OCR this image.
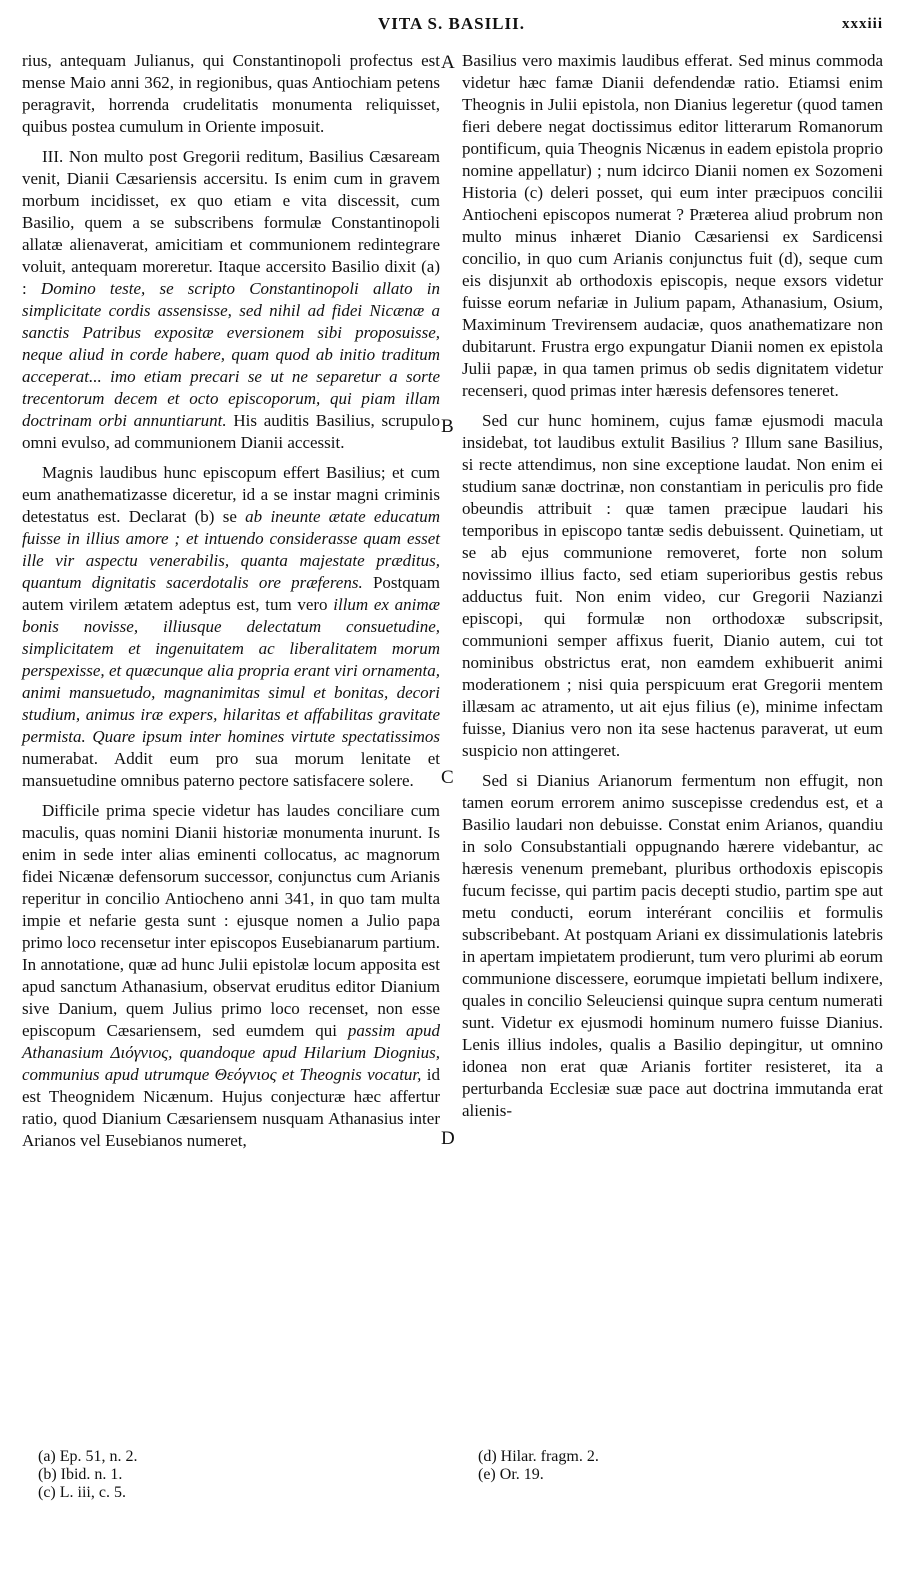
VITA S. BASILII.	xxxiii
A
B
C
D

rius, antequam Julianus, qui Constantinopoli profectus est mense Maio anni 362, in regionibus, quas Antiochiam petens peragravit, horrenda crudelitatis monumenta reliquisset, quibus postea cumulum in Oriente imposuit.

III. Non multo post Gregorii reditum, Basilius Cæsaream venit, Dianii Cæsariensis accersitu. Is enim cum in gravem morbum incidisset, ex quo etiam e vita discessit, cum Basilio, quem a se subscribens formulæ Constantinopoli allatæ alienaverat, amicitiam et communionem redintegrare voluit, antequam moreretur. Itaque accersito Basilio dixit (a) : Domino teste, se scripto Constantinopoli allato in simplicitate cordis assensisse, sed nihil ad fidei Nicænæ a sanctis Patribus expositæ eversionem sibi proposuisse, neque aliud in corde habere, quam quod ab initio traditum acceperat... imo etiam precari se ut ne separetur a sorte trecentorum decem et octo episcoporum, qui piam illam doctrinam orbi annuntiarunt. His auditis Basilius, scrupulo omni evulso, ad communionem Dianii accessit.

Magnis laudibus hunc episcopum effert Basilius; et cum eum anathematizasse diceretur, id a se instar magni criminis detestatus est. Declarat (b) se ab ineunte ætate educatum fuisse in illius amore ; et intuendo considerasse quam esset ille vir aspectu venerabilis, quanta majestate præditus, quantum dignitatis sacerdotalis ore præferens. Postquam autem virilem ætatem adeptus est, tum vero illum ex animæ bonis novisse, illiusque delectatum consuetudine, simplicitatem et ingenuitatem ac liberalitatem morum perspexisse, et quæcunque alia propria erant viri ornamenta, animi mansuetudo, magnanimitas simul et bonitas, decori studium, animus iræ expers, hilaritas et affabilitas gravitate permista. Quare ipsum inter homines virtute spectatissimos numerabat. Addit eum pro sua morum lenitate et mansuetudine omnibus paterno pectore satisfacere solere.

Difficile prima specie videtur has laudes conciliare cum maculis, quas nomini Dianii historiæ monumenta inurunt. Is enim in sede inter alias eminenti collocatus, ac magnorum fidei Nicænæ defensorum successor, conjunctus cum Arianis reperitur in concilio Antiocheno anni 341, in quo tam multa impie et nefarie gesta sunt : ejusque nomen a Julio papa primo loco recensetur inter episcopos Eusebianarum partium. In annotatione, quæ ad hunc Julii epistolæ locum apposita est apud sanctum Athanasium, observat eruditus editor Dianium sive Danium, quem Julius primo loco recenset, non esse episcopum Cæsariensem, sed eumdem qui passim apud Athanasium Διόγνιος, quandoque apud Hilarium Diognius, communius apud utrumque Θεόγνιος et Theognis vocatur, id est Theognidem Nicænum. Hujus conjecturæ hæc affertur ratio, quod Dianium Cæsariensem nusquam Athanasius inter Arianos vel Eusebianos numeret,

Basilius vero maximis laudibus efferat. Sed minus commoda videtur hæc famæ Dianii defendendæ ratio. Etiamsi enim Theognis in Julii epistola, non Dianius legeretur (quod tamen fieri debere negat doctissimus editor litterarum Romanorum pontificum, quia Theognis Nicænus in eadem epistola proprio nomine appellatur) ; num idcirco Dianii nomen ex Sozomeni Historia (c) deleri posset, qui eum inter præcipuos concilii Antiocheni episcopos numerat ? Præterea aliud probrum non multo minus inhæret Dianio Cæsariensi ex Sardicensi concilio, in quo cum Arianis conjunctus fuit (d), seque cum eis disjunxit ab orthodoxis episcopis, neque exsors videtur fuisse eorum nefariæ in Julium papam, Athanasium, Osium, Maximinum Trevirensem audaciæ, quos anathematizare non dubitarunt. Frustra ergo expungatur Dianii nomen ex epistola Julii papæ, in qua tamen primus ob sedis dignitatem videtur recenseri, quod primas inter hæresis defensores teneret.

Sed cur hunc hominem, cujus famæ ejusmodi macula insidebat, tot laudibus extulit Basilius ? Illum sane Basilius, si recte attendimus, non sine exceptione laudat. Non enim ei studium sanæ doctrinæ, non constantiam in periculis pro fide obeundis attribuit : quæ tamen præcipue laudari his temporibus in episcopo tantæ sedis debuissent. Quinetiam, ut se ab ejus communione removeret, forte non solum novissimo illius facto, sed etiam superioribus gestis rebus adductus fuit. Non enim video, cur Gregorii Nazianzi episcopi, qui formulæ non orthodoxæ subscripsit, communioni semper affixus fuerit, Dianio autem, cui tot nominibus obstrictus erat, non eamdem exhibuerit animi moderationem ; nisi quia perspicuum erat Gregorii mentem illæsam ac atramento, ut ait ejus filius (e), minime infectam fuisse, Dianius vero non ita sese hactenus paraverat, ut eum suspicio non attingeret.

Sed si Dianius Arianorum fermentum non effugit, non tamen eorum errorem animo suscepisse credendus est, et a Basilio laudari non debuisse. Constat enim Arianos, quandiu in solo Consubstantiali oppugnando hærere videbantur, ac hæresis venenum premebant, pluribus orthodoxis episcopis fucum fecisse, qui partim pacis decepti studio, partim spe aut metu conducti, eorum interérant conciliis et formulis subscribebant. At postquam Ariani ex dissimulationis latebris in apertam impietatem prodierunt, tum vero plurimi ab eorum communione discessere, eorumque impietati bellum indixere, quales in concilio Seleuciensi quinque supra centum numerati sunt. Videtur ex ejusmodi hominum numero fuisse Dianius. Lenis illius indoles, qualis a Basilio depingitur, ut omnino idonea non erat quæ Arianis fortiter resisteret, ita a perturbanda Ecclesiæ suæ pace aut doctrina immutanda erat alienis-

(a) Ep. 51, n. 2.
(b) Ibid. n. 1.
(c) L. iii, c. 5.
(d) Hilar. fragm. 2.
(e) Or. 19.
